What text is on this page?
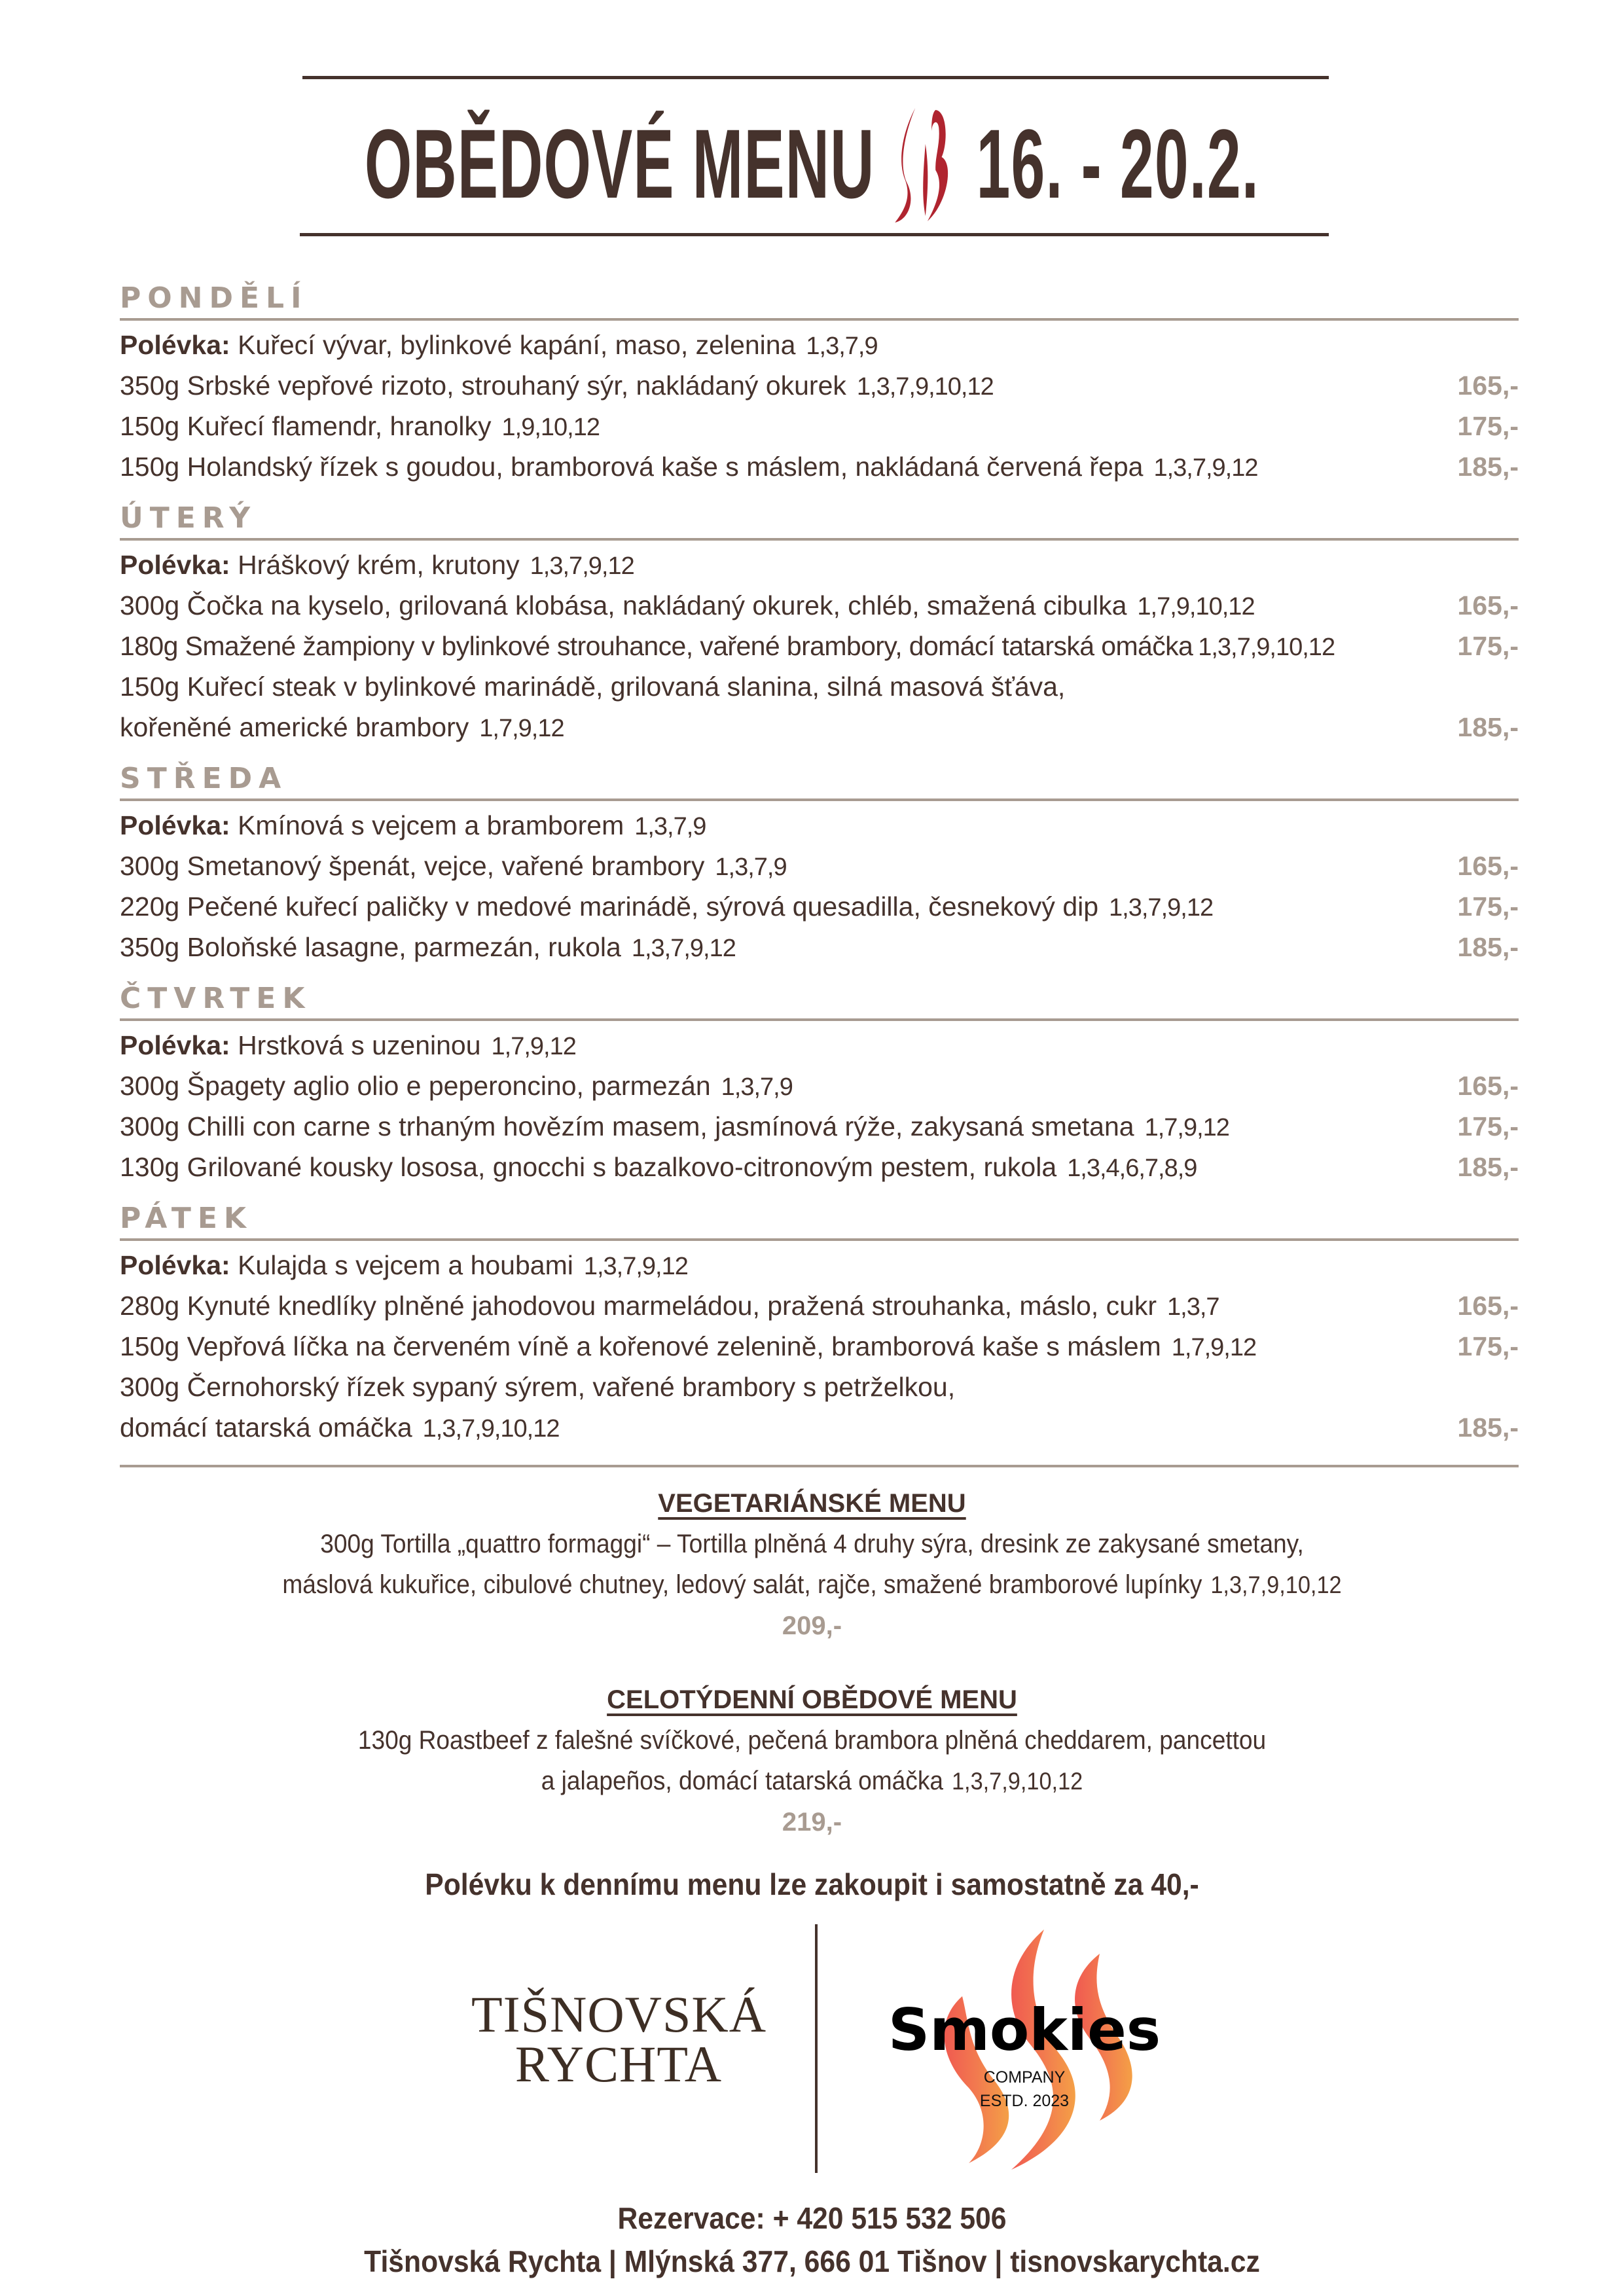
OBĚDOVÉ MENU 16. - 20.2.
PONDĚLÍ
Polévka: Kuřecí vývar, bylinkové kapání, maso, zelenina 1,3,7,9
350g Srbské vepřové rizoto, strouhaný sýr, nakládaný okurek 1,3,7,9,10,12	165,-
150g Kuřecí flamendr, hranolky 1,9,10,12	175,-
150g Holandský řízek s goudou, bramborová kaše s máslem, nakládaná červená řepa 1,3,7,9,12	185,-
ÚTERÝ
Polévka: Hráškový krém, krutony 1,3,7,9,12
300g Čočka na kyselo, grilovaná klobása, nakládaný okurek, chléb, smažená cibulka 1,7,9,10,12	165,-
180g Smažené žampiony v bylinkové strouhance, vařené brambory, domácí tatarská omáčka 1,3,7,9,10,12	175,-
150g Kuřecí steak v bylinkové marinádě, grilovaná slanina, silná masová šťáva,
kořeněné americké brambory 1,7,9,12	185,-
STŘEDA
Polévka: Kmínová s vejcem a bramborem 1,3,7,9
300g Smetanový špenát, vejce, vařené brambory 1,3,7,9	165,-
220g Pečené kuřecí paličky v medové marinádě, sýrová quesadilla, česnekový dip 1,3,7,9,12	175,-
350g Boloňské lasagne, parmezán, rukola 1,3,7,9,12	185,-
ČTVRTEK
Polévka: Hrstková s uzeninou 1,7,9,12
300g Špagety aglio olio e peperoncino, parmezán 1,3,7,9	165,-
300g Chilli con carne s trhaným hovězím masem, jasmínová rýže, zakysaná smetana 1,7,9,12	175,-
130g Grilované kousky lososa, gnocchi s bazalkovo-citronovým pestem, rukola 1,3,4,6,7,8,9	185,-
PÁTEK
Polévka: Kulajda s vejcem a houbami 1,3,7,9,12
280g Kynuté knedlíky plněné jahodovou marmeládou, pražená strouhanka, máslo, cukr 1,3,7	165,-
150g Vepřová líčka na červeném víně a kořenové zelenině, bramborová kaše s máslem 1,7,9,12	175,-
300g Černohorský řízek sypaný sýrem, vařené brambory s petrželkou,
domácí tatarská omáčka 1,3,7,9,10,12	185,-
VEGETARIÁNSKÉ MENU
300g Tortilla „quattro formaggi“ – Tortilla plněná 4 druhy sýra, dresink ze zakysané smetany,
máslová kukuřice, cibulové chutney, ledový salát, rajče, smažené bramborové lupínky 1,3,7,9,10,12
209,-
CELOTÝDENNÍ OBĚDOVÉ MENU
130g Roastbeef z falešné svíčkové, pečená brambora plněná cheddarem, pancettou
a jalapeños, domácí tatarská omáčka 1,3,7,9,10,12
219,-
Polévku k dennímu menu lze zakoupit i samostatně za 40,-
TIŠNOVSKÁ
RYCHTA
Smokies
COMPANY
ESTD. 2023
Rezervace: + 420 515 532 506
Tišnovská Rychta | Mlýnská 377, 666 01 Tišnov | tisnovskarychta.cz
